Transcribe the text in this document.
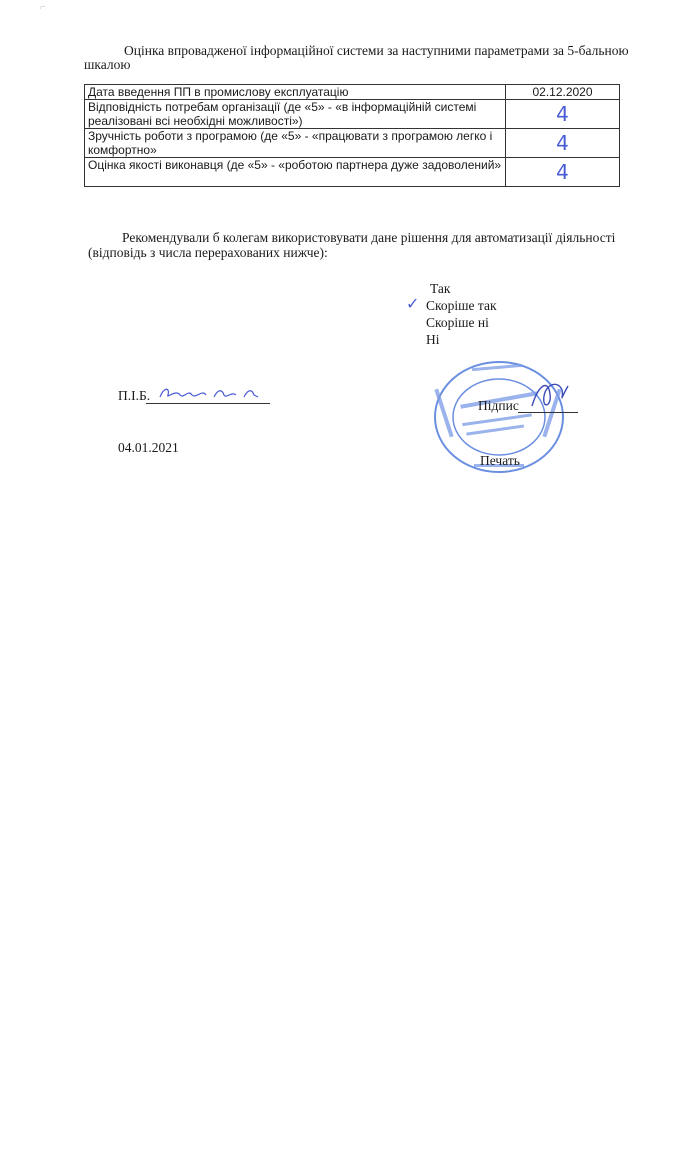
⌐
Оцінка впровадженої інформаційної системи за наступними параметрами за 5-бальною
шкалою
Дата введення ПП в промислову експлуатацію	02.12.2020
Відповідність потребам організації (де «5» - «в інформаційній системі реалізовані всі необхідні можливості»)	4
Зручність роботи з програмою (де «5» - «працювати з програмою легко і комфортно»	4
Оцінка якості виконавця (де «5» - «роботою партнера дуже задоволений»	4
Рекомендували б колегам використовувати дане рішення для автоматизації діяльності
(відповідь з числа перерахованих нижче):
Так
✓ Скоріше так
Скоріше ні
Ні
Підпис
Печать
П.І.Б.
04.01.2021
